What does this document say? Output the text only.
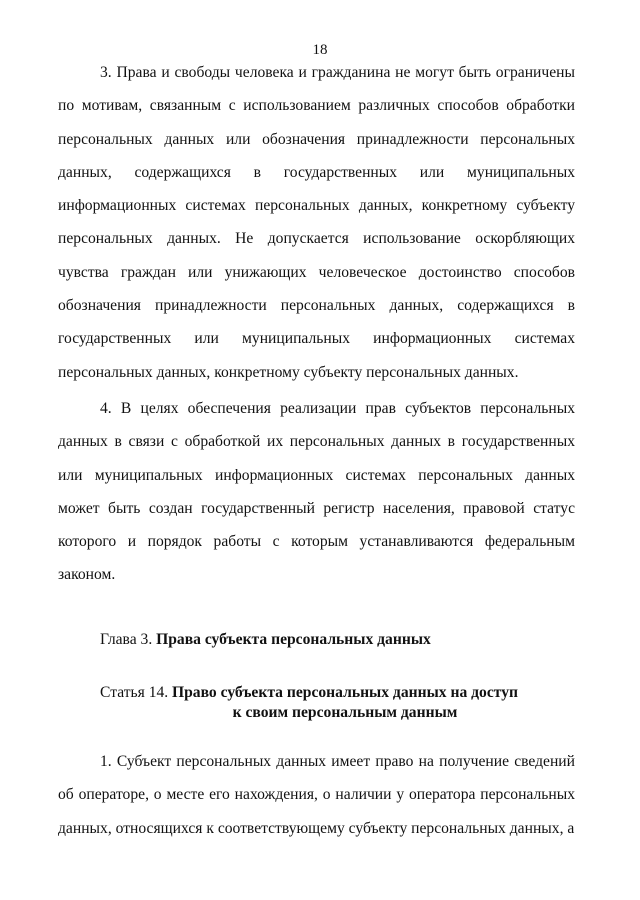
18

3. Права и свободы человека и гражданина не могут быть ограничены по мотивам, связанным с использованием различных способов обработки персональных данных или обозначения принадлежности персональных данных, содержащихся в государственных или муниципальных информационных системах персональных данных, конкретному субъекту персональных данных. Не допускается использование оскорбляющих чувства граждан или унижающих человеческое достоинство способов обозначения принадлежности персональных данных, содержащихся в государственных или муниципальных информационных системах персональных данных, конкретному субъекту персональных данных.

4. В целях обеспечения реализации прав субъектов персональных данных в связи с обработкой их персональных данных в государственных или муниципальных информационных системах персональных данных может быть создан государственный регистр населения, правовой статус которого и порядок работы с которым устанавливаются федеральным законом.

Глава 3. Права субъекта персональных данных
Статья 14. Право субъекта персональных данных на доступ
к своим персональным данным

1. Субъект персональных данных имеет право на получение сведений об операторе, о месте его нахождения, о наличии у оператора персональных данных, относящихся к соответствующему субъекту персональных данных, а
